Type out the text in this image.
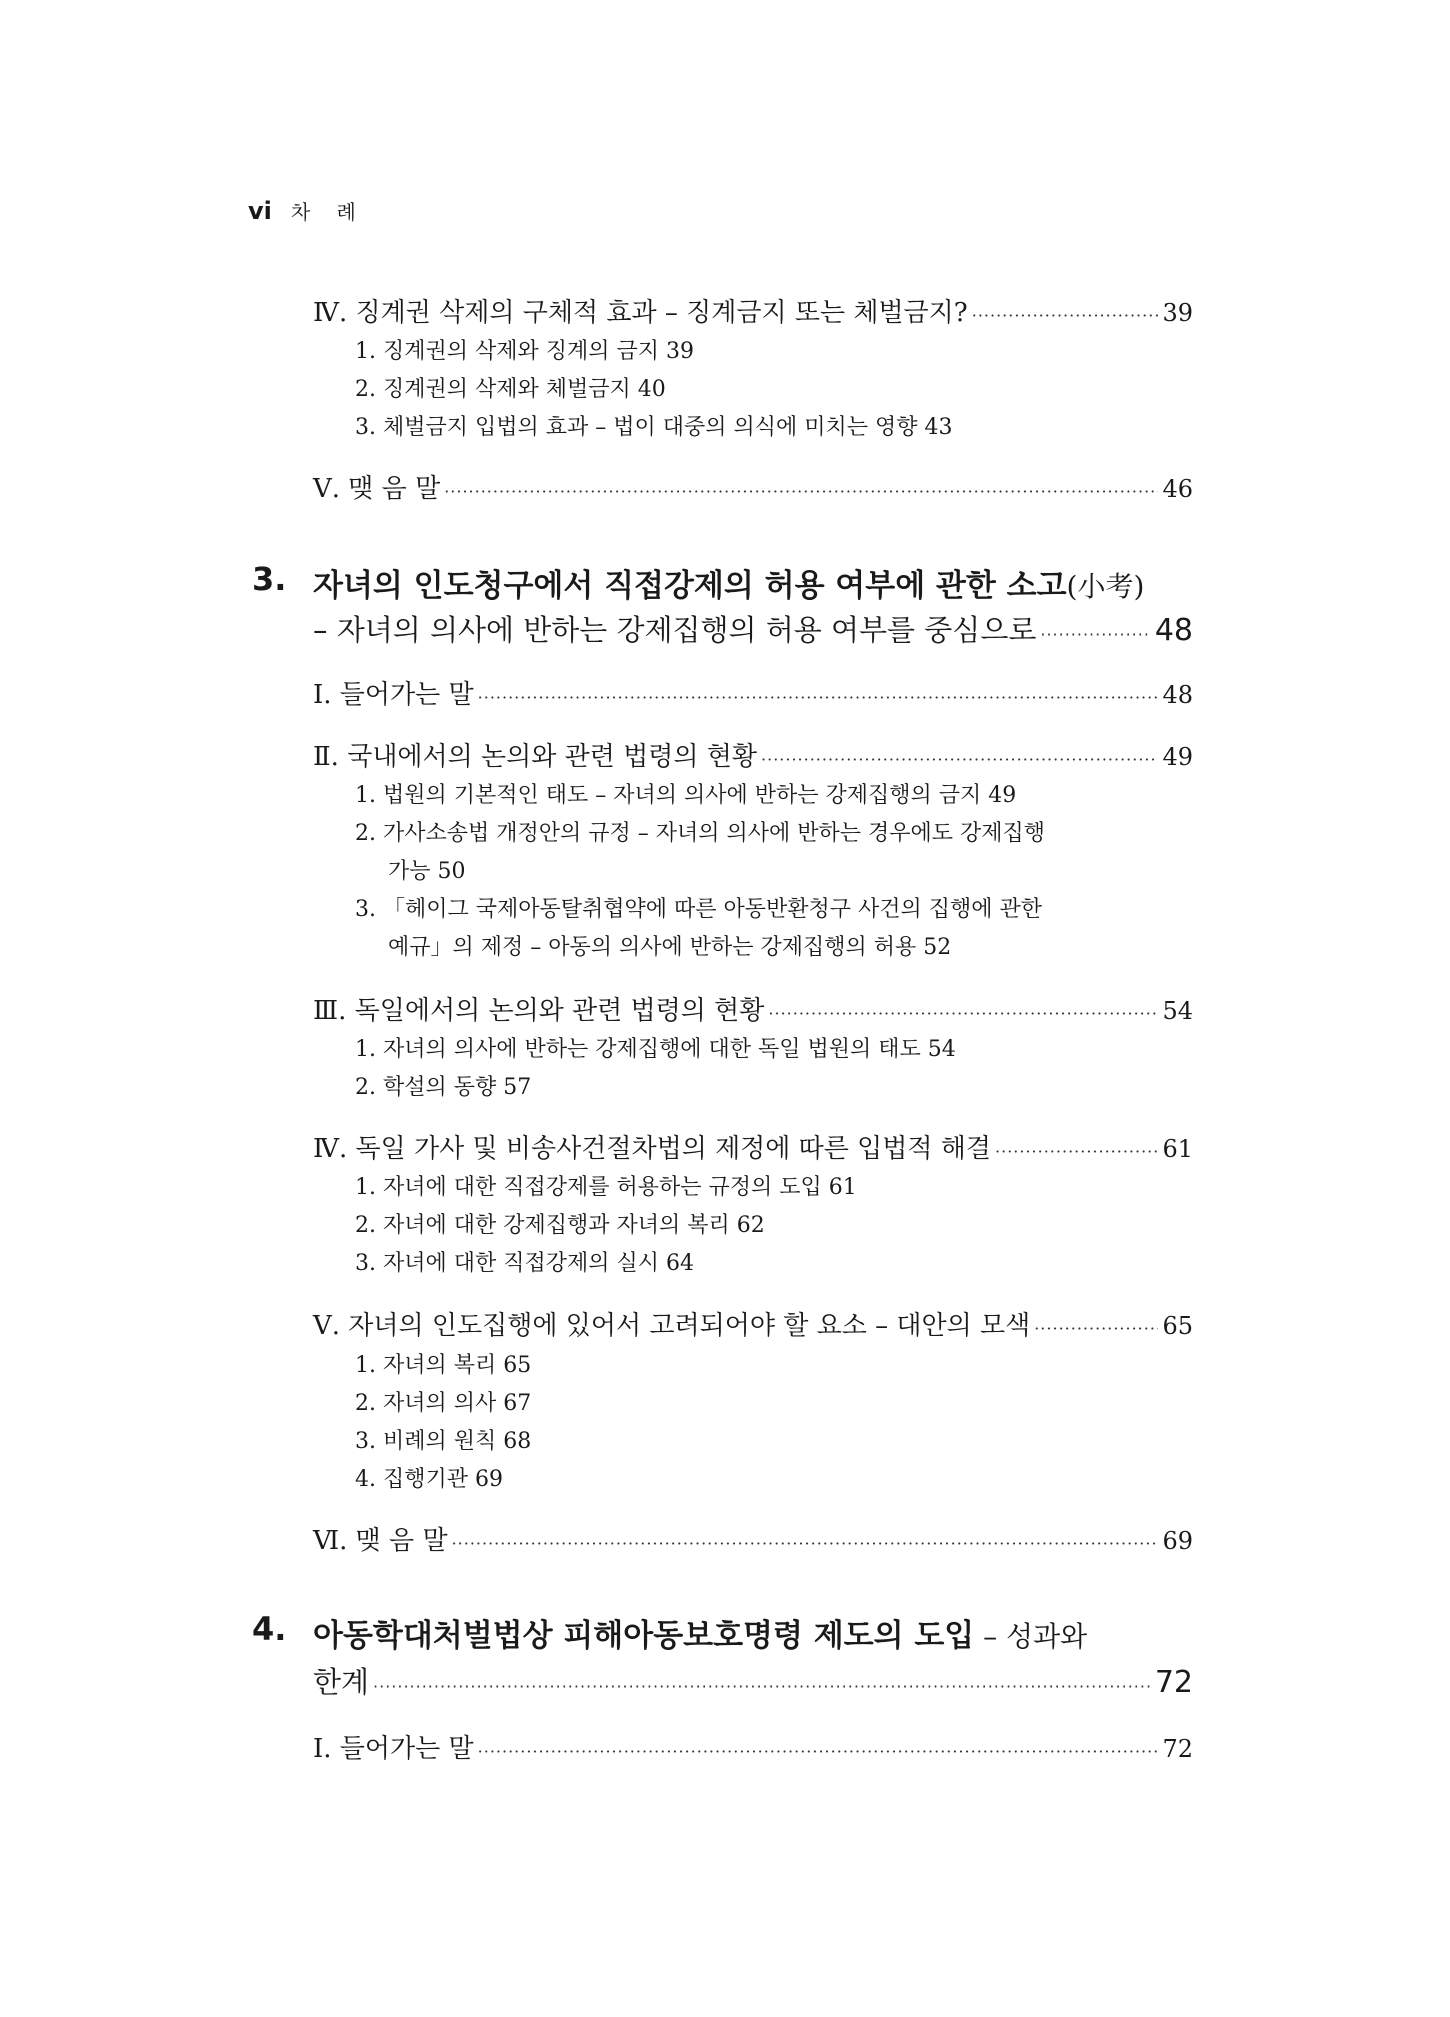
vi 차 례
Ⅳ. 징계권 삭제의 구체적 효과 – 징계금지 또는 체벌금지? ·····	39
1. 징계권의 삭제와 징계의 금지 39
2. 징계권의 삭제와 체벌금지 40
3. 체벌금지 입법의 효과 – 법이 대중의 의식에 미치는 영향 43
Ⅴ. 맺 음 말 ·····	46
3. 자녀의 인도청구에서 직접강제의 허용 여부에 관한 소고(小考)
– 자녀의 의사에 반하는 강제집행의 허용 여부를 중심으로 ·····	48
Ⅰ. 들어가는 말 ·····	48
Ⅱ. 국내에서의 논의와 관련 법령의 현황 ·····	49
1. 법원의 기본적인 태도 – 자녀의 의사에 반하는 강제집행의 금지 49
2. 가사소송법 개정안의 규정 – 자녀의 의사에 반하는 경우에도 강제집행
가능 50
3. 「헤이그 국제아동탈취협약에 따른 아동반환청구 사건의 집행에 관한
예규」의 제정 – 아동의 의사에 반하는 강제집행의 허용 52
Ⅲ. 독일에서의 논의와 관련 법령의 현황 ·····	54
1. 자녀의 의사에 반하는 강제집행에 대한 독일 법원의 태도 54
2. 학설의 동향 57
Ⅳ. 독일 가사 및 비송사건절차법의 제정에 따른 입법적 해결 ·····	61
1. 자녀에 대한 직접강제를 허용하는 규정의 도입 61
2. 자녀에 대한 강제집행과 자녀의 복리 62
3. 자녀에 대한 직접강제의 실시 64
Ⅴ. 자녀의 인도집행에 있어서 고려되어야 할 요소 – 대안의 모색 ·····	65
1. 자녀의 복리 65
2. 자녀의 의사 67
3. 비례의 원칙 68
4. 집행기관 69
Ⅵ. 맺 음 말 ·····	69
4. 아동학대처벌법상 피해아동보호명령 제도의 도입 – 성과와
한계 ·····	72
Ⅰ. 들어가는 말 ·····	72
